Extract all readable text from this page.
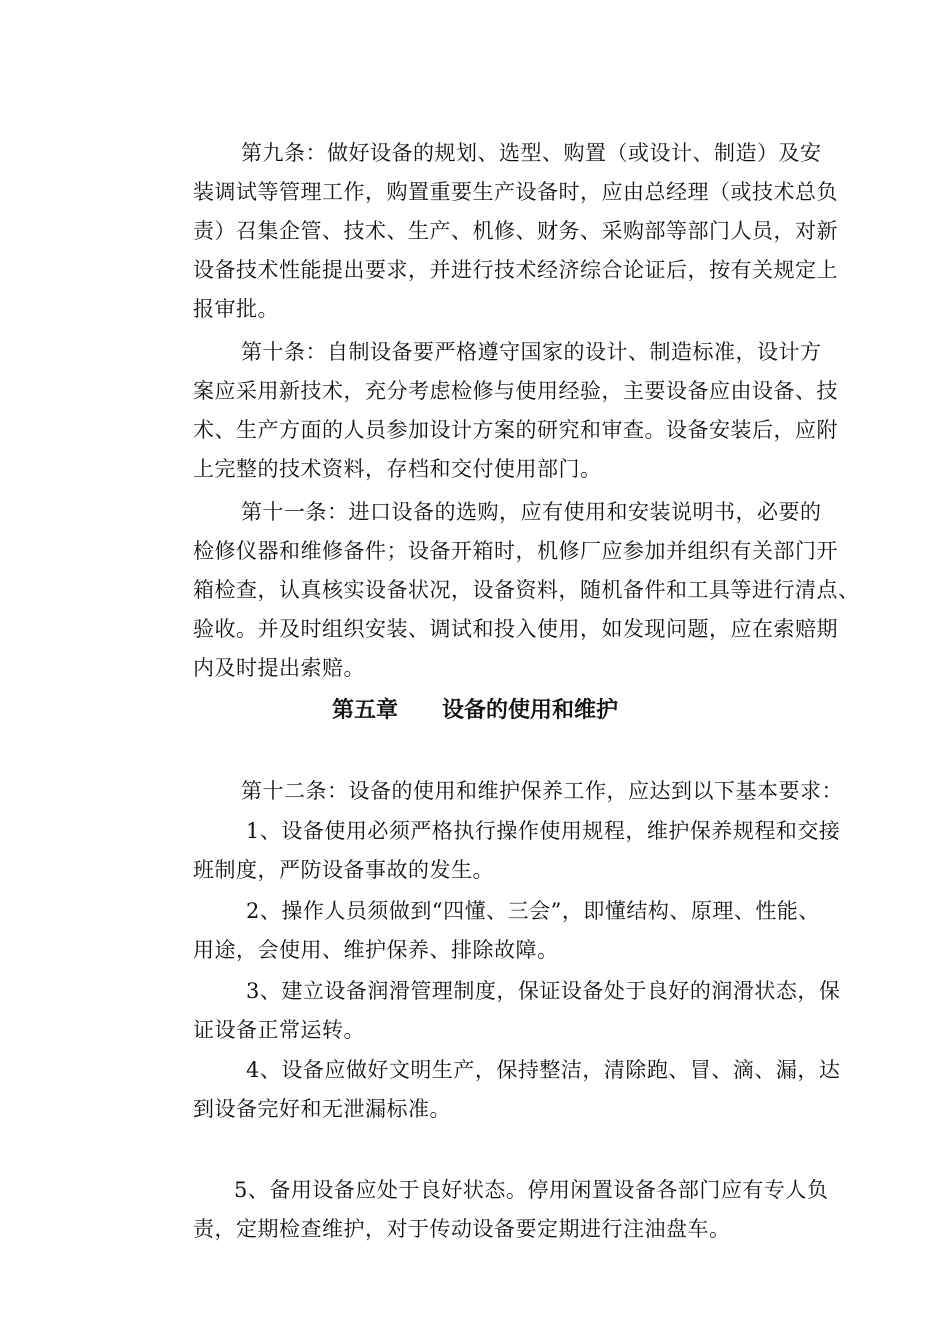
第九条：做好设备的规划、选型、购置（或设计、制造）及安
装调试等管理工作，购置重要生产设备时，应由总经理（或技术总负
责）召集企管、技术、生产、机修、财务、采购部等部门人员，对新
设备技术性能提出要求，并进行技术经济综合论证后，按有关规定上
报审批。
第十条：自制设备要严格遵守国家的设计、制造标准，设计方
案应采用新技术，充分考虑检修与使用经验，主要设备应由设备、技
术、生产方面的人员参加设计方案的研究和审查。设备安装后，应附
上完整的技术资料，存档和交付使用部门。
第十一条：进口设备的选购，应有使用和安装说明书，必要的
检修仪器和维修备件；设备开箱时，机修厂应参加并组织有关部门开
箱检查，认真核实设备状况，设备资料，随机备件和工具等进行清点、
验收。并及时组织安装、调试和投入使用，如发现问题，应在索赔期
内及时提出索赔。
第五章　　设备的使用和维护
第十二条：设备的使用和维护保养工作，应达到以下基本要求：
1、设备使用必须严格执行操作使用规程，维护保养规程和交接
班制度，严防设备事故的发生。
2、操作人员须做到“四懂、三会”，即懂结构、原理、性能、
用途，会使用、维护保养、排除故障。
3、建立设备润滑管理制度，保证设备处于良好的润滑状态，保
证设备正常运转。
4、设备应做好文明生产，保持整洁，清除跑、冒、滴、漏，达
到设备完好和无泄漏标准。
5、备用设备应处于良好状态。停用闲置设备各部门应有专人负
责，定期检查维护，对于传动设备要定期进行注油盘车。
